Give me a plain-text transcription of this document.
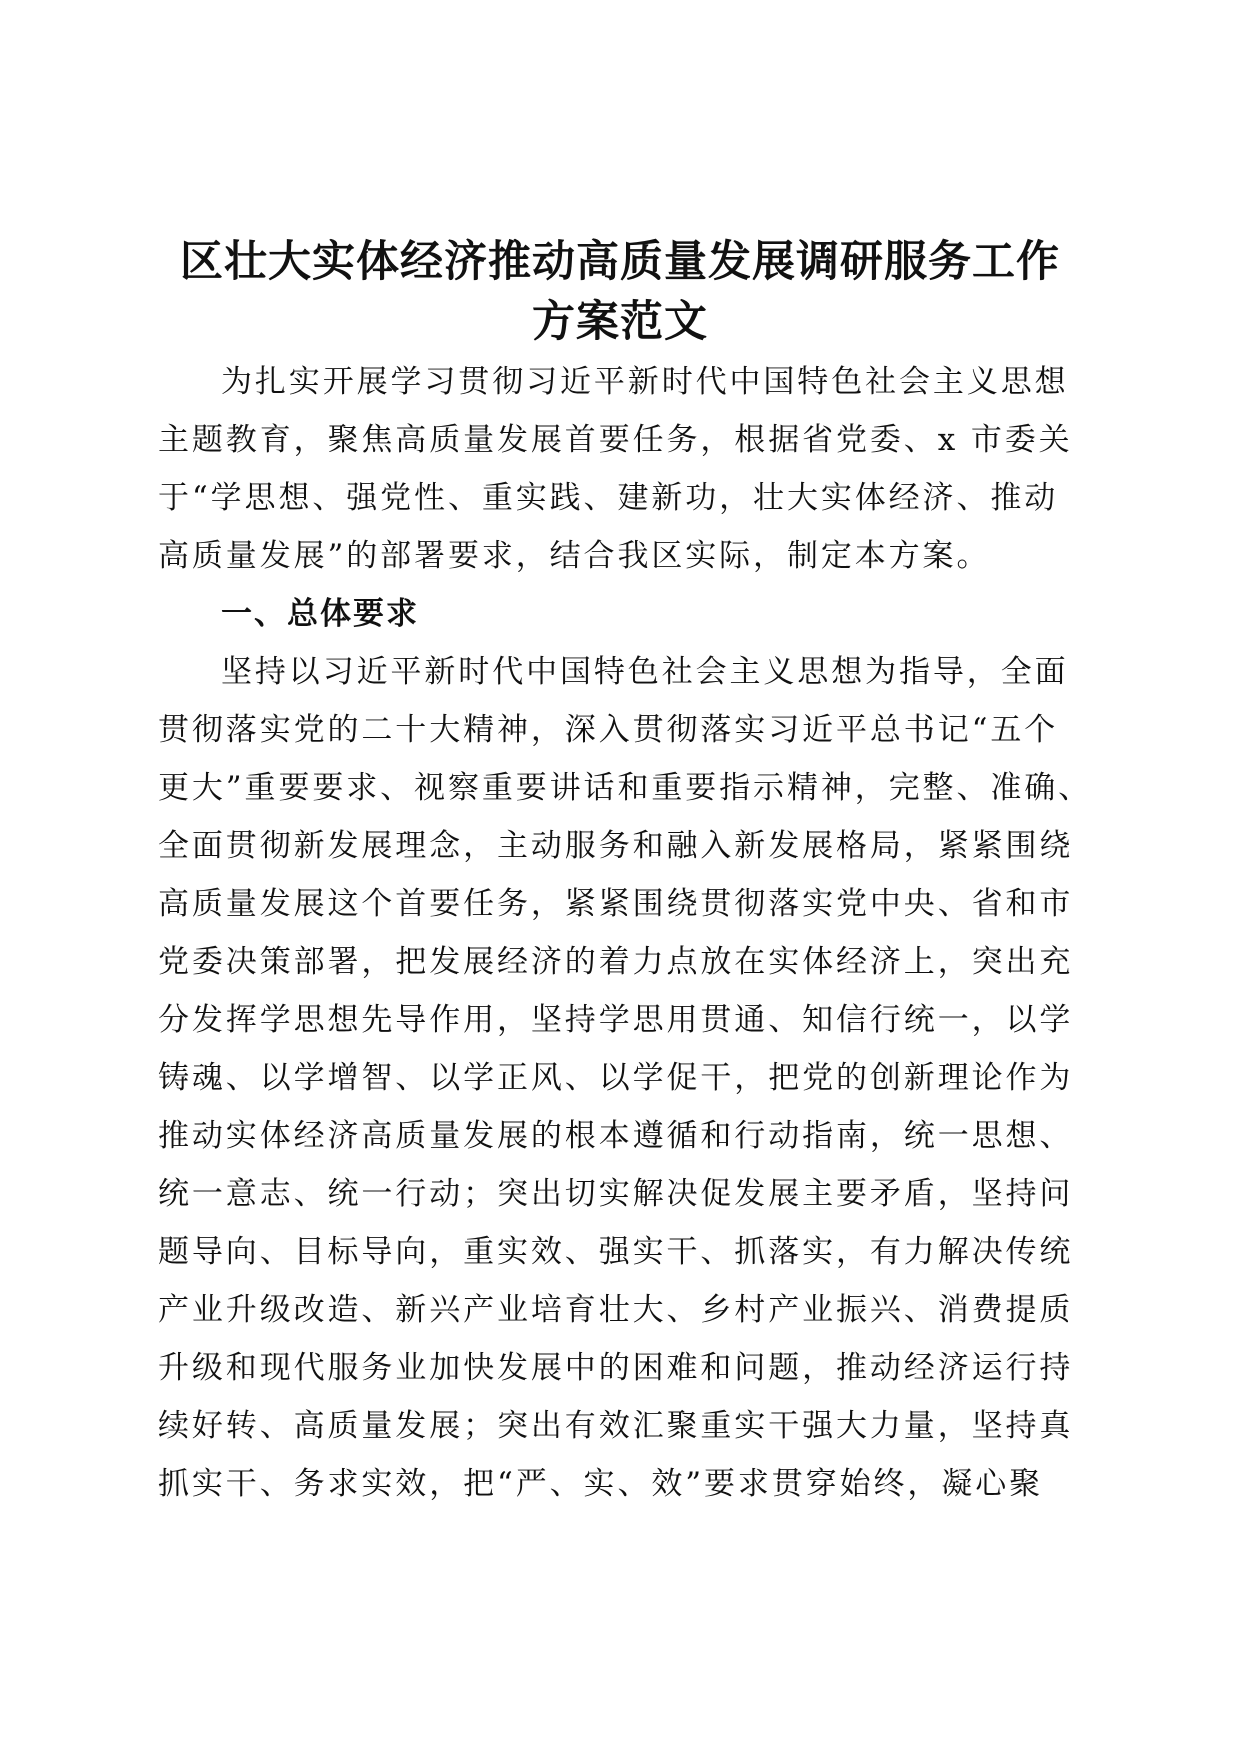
区壮大实体经济推动高质量发展调研服务工作
方案范文
为扎实开展学习贯彻习近平新时代中国特色社会主义思想
主题教育，聚焦高质量发展首要任务，根据省党委、x 市委关
于“学思想、强党性、重实践、建新功，壮大实体经济、推动
高质量发展”的部署要求，结合我区实际，制定本方案。
一、总体要求
坚持以习近平新时代中国特色社会主义思想为指导，全面
贯彻落实党的二十大精神，深入贯彻落实习近平总书记“五个
更大”重要要求、视察重要讲话和重要指示精神，完整、准确、
全面贯彻新发展理念，主动服务和融入新发展格局，紧紧围绕
高质量发展这个首要任务，紧紧围绕贯彻落实党中央、省和市
党委决策部署，把发展经济的着力点放在实体经济上，突出充
分发挥学思想先导作用，坚持学思用贯通、知信行统一，以学
铸魂、以学增智、以学正风、以学促干，把党的创新理论作为
推动实体经济高质量发展的根本遵循和行动指南，统一思想、
统一意志、统一行动；突出切实解决促发展主要矛盾，坚持问
题导向、目标导向，重实效、强实干、抓落实，有力解决传统
产业升级改造、新兴产业培育壮大、乡村产业振兴、消费提质
升级和现代服务业加快发展中的困难和问题，推动经济运行持
续好转、高质量发展；突出有效汇聚重实干强大力量，坚持真
抓实干、务求实效，把“严、实、效”要求贯穿始终，凝心聚
